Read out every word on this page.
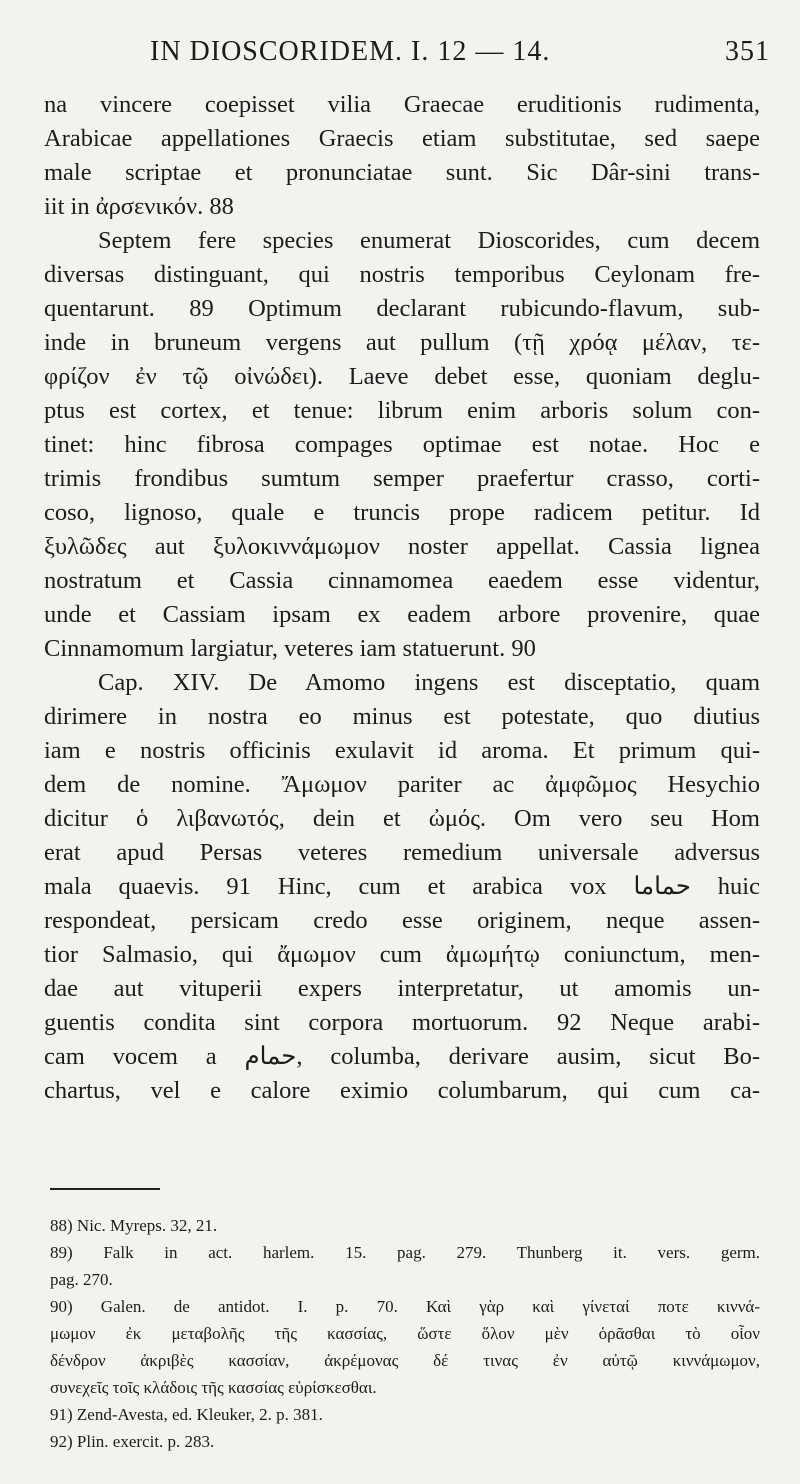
IN DIOSCORIDEM. I. 12 — 14.	351
na vincere coepisset vilia Graecae eruditionis rudimenta,
Arabicae appellationes Graecis etiam substitutae, sed saepe
male scriptae et pronunciatae sunt. Sic Dâr-sini trans-
iit in ἀρσενικόν. 88
Septem fere species enumerat Dioscorides, cum decem
diversas distinguant, qui nostris temporibus Ceylonam fre-
quentarunt. 89 Optimum declarant rubicundo-flavum, sub-
inde in bruneum vergens aut pullum (τῇ χρόᾳ μέλαν, τε-
φρίζον ἐν τῷ οἰνώδει). Laeve debet esse, quoniam deglu-
ptus est cortex, et tenue: librum enim arboris solum con-
tinet: hinc fibrosa compages optimae est notae. Hoc e
trimis frondibus sumtum semper praefertur crasso, corti-
coso, lignoso, quale e truncis prope radicem petitur. Id
ξυλῶδες aut ξυλοκιννάμωμον noster appellat. Cassia lignea
nostratum et Cassia cinnamomea eaedem esse videntur,
unde et Cassiam ipsam ex eadem arbore provenire, quae
Cinnamomum largiatur, veteres iam statuerunt. 90
Cap. XIV. De Amomo ingens est disceptatio, quam
dirimere in nostra eo minus est potestate, quo diutius
iam e nostris officinis exulavit id aroma. Et primum qui-
dem de nomine. Ἄμωμον pariter ac ἀμφῶμος Hesychio
dicitur ὁ λιβανωτός, dein et ὠμός. Om vero seu Hom
erat apud Persas veteres remedium universale adversus
mala quaevis. 91 Hinc, cum et arabica vox حماما huic
respondeat, persicam credo esse originem, neque assen-
tior Salmasio, qui ἄμωμον cum ἀμωμήτῳ coniunctum, men-
dae aut vituperii expers interpretatur, ut amomis un-
guentis condita sint corpora mortuorum. 92 Neque arabi-
cam vocem a حمام, columba, derivare ausim, sicut Bo-
chartus, vel e calore eximio columbarum, qui cum ca-
88) Nic. Myreps. 32, 21.
89) Falk in act. harlem. 15. pag. 279. Thunberg it. vers. germ.
pag. 270.
90) Galen. de antidot. I. p. 70. Καὶ γὰρ καὶ γίνεταί ποτε κιννά-
μωμον ἐκ μεταβολῆς τῆς κασσίας, ὥστε ὅλον μὲν ὁρᾶσθαι τὸ οἷον
δένδρον ἀκριβὲς κασσίαν, ἀκρέμονας δέ τινας ἐν αὐτῷ κιννάμωμον,
συνεχεῖς τοῖς κλάδοις τῆς κασσίας εὑρίσκεσθαι.
91) Zend-Avesta, ed. Kleuker, 2. p. 381.
92) Plin. exercit. p. 283.
